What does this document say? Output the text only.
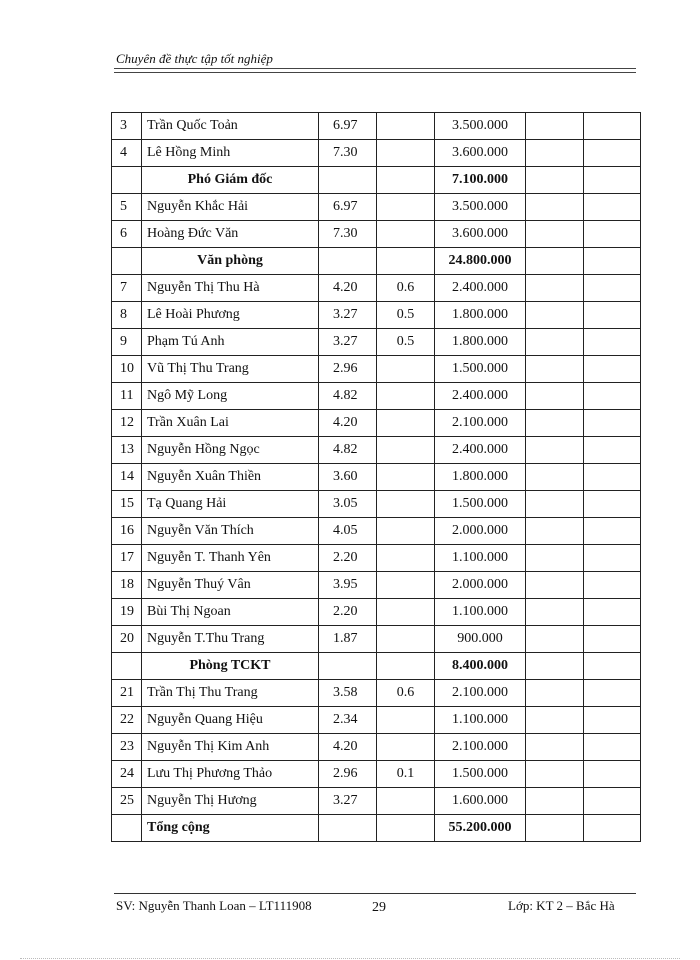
Chuyên đề thực tập tốt nghiệp
3	Trần Quốc Toản	6.97		3.500.000		
4	Lê Hồng Minh	7.30		3.600.000		
	Phó Giám đốc			7.100.000		
5	Nguyễn Khắc Hải	6.97		3.500.000		
6	Hoàng Đức Văn	7.30		3.600.000		
	Văn phòng			24.800.000		
7	Nguyễn Thị Thu Hà	4.20	0.6	2.400.000		
8	Lê Hoài Phương	3.27	0.5	1.800.000		
9	Phạm Tú Anh	3.27	0.5	1.800.000		
10	Vũ Thị Thu Trang	2.96		1.500.000		
11	Ngô Mỹ Long	4.82		2.400.000		
12	Trần Xuân Lai	4.20		2.100.000		
13	Nguyễn Hồng Ngọc	4.82		2.400.000		
14	Nguyễn Xuân Thiền	3.60		1.800.000		
15	Tạ Quang Hải	3.05		1.500.000		
16	Nguyễn Văn Thích	4.05		2.000.000		
17	Nguyễn T. Thanh Yên	2.20		1.100.000		
18	Nguyễn Thuý Vân	3.95		2.000.000		
19	Bùi Thị Ngoan	2.20		1.100.000		
20	Nguyễn T.Thu Trang	1.87		900.000		
	Phòng TCKT			8.400.000		
21	Trần Thị Thu Trang	3.58	0.6	2.100.000		
22	Nguyễn Quang Hiệu	2.34		1.100.000		
23	Nguyễn Thị Kim Anh	4.20		2.100.000		
24	Lưu Thị Phương Thảo	2.96	0.1	1.500.000		
25	Nguyễn Thị Hương	3.27		1.600.000		
	Tổng cộng			55.200.000		
SV: Nguyễn Thanh Loan – LT111908	29	Lớp: KT 2 – Bắc Hà
